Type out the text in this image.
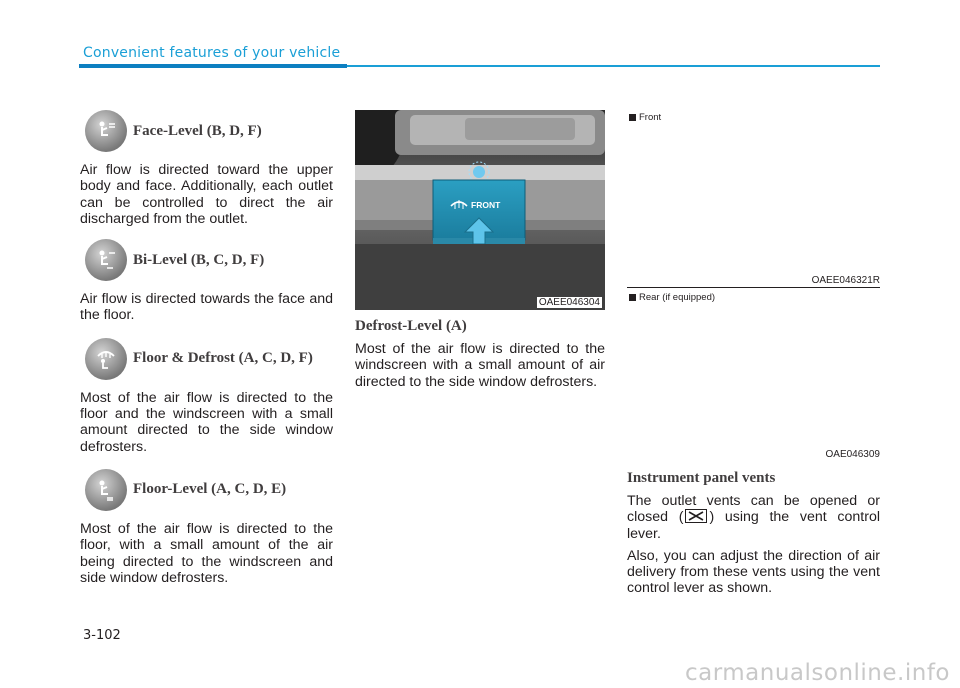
Convenient features of your vehicle
Face-Level (B, D, F)

Air flow is directed toward the upper body and face. Additionally, each outlet can be controlled to direct the air discharged from the outlet.

Bi-Level (B, C, D, F)

Air flow is directed towards the face and the floor.

Floor & Defrost (A, C, D, F)

Most of the air flow is directed to the floor and the windscreen with a small amount directed to the side window defrosters.

Floor-Level (A, C, D, E)

Most of the air flow is directed to the floor, with a small amount of the air being directed to the windscreen and side window defrosters.

FRONT
OAEE046304
Defrost-Level (A)

Most of the air flow is directed to the windscreen with a small amount of air directed to the side window defrosters.

Front
OAEE046321R
Rear (if equipped)
OAE046309
Instrument panel vents

The outlet vents can be opened or closed ( ) using the vent control lever.

Also, you can adjust the direction of air delivery from these vents using the vent control lever as shown.

3-102
carmanualsonline.info
